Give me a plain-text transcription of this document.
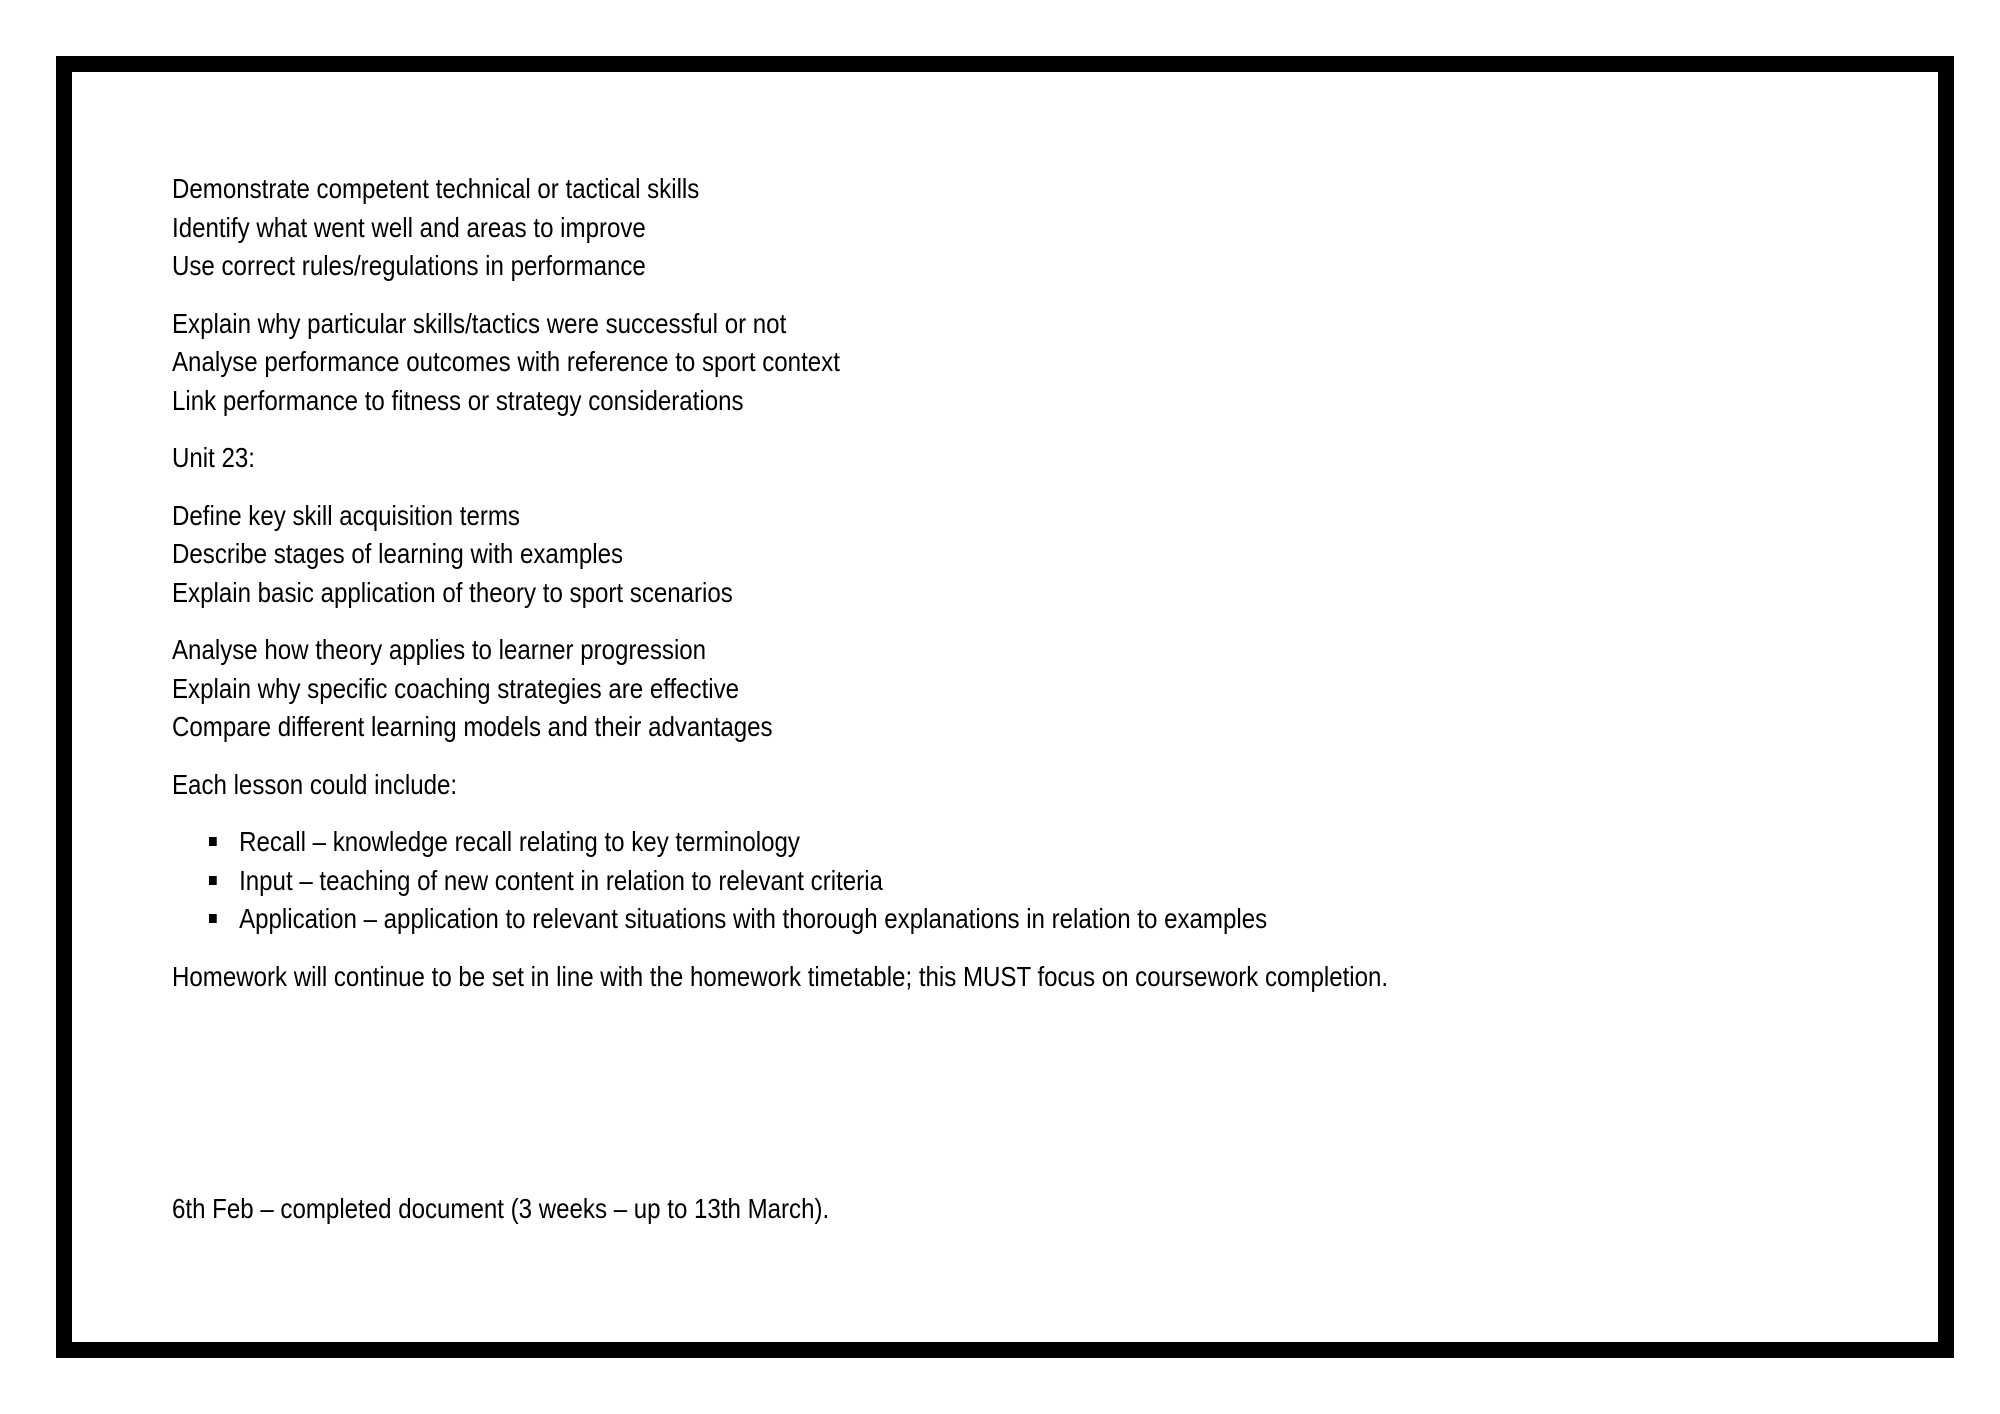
Demonstrate competent technical or tactical skills
Identify what went well and areas to improve
Use correct rules/regulations in performance
Explain why particular skills/tactics were successful or not
Analyse performance outcomes with reference to sport context
Link performance to fitness or strategy considerations
Unit 23:
Define key skill acquisition terms
Describe stages of learning with examples
Explain basic application of theory to sport scenarios
Analyse how theory applies to learner progression
Explain why specific coaching strategies are effective
Compare different learning models and their advantages
Each lesson could include:
Recall – knowledge recall relating to key terminology
Input – teaching of new content in relation to relevant criteria
Application – application to relevant situations with thorough explanations in relation to examples
Homework will continue to be set in line with the homework timetable; this MUST focus on coursework completion.
6th Feb – completed document (3 weeks – up to 13th March).
